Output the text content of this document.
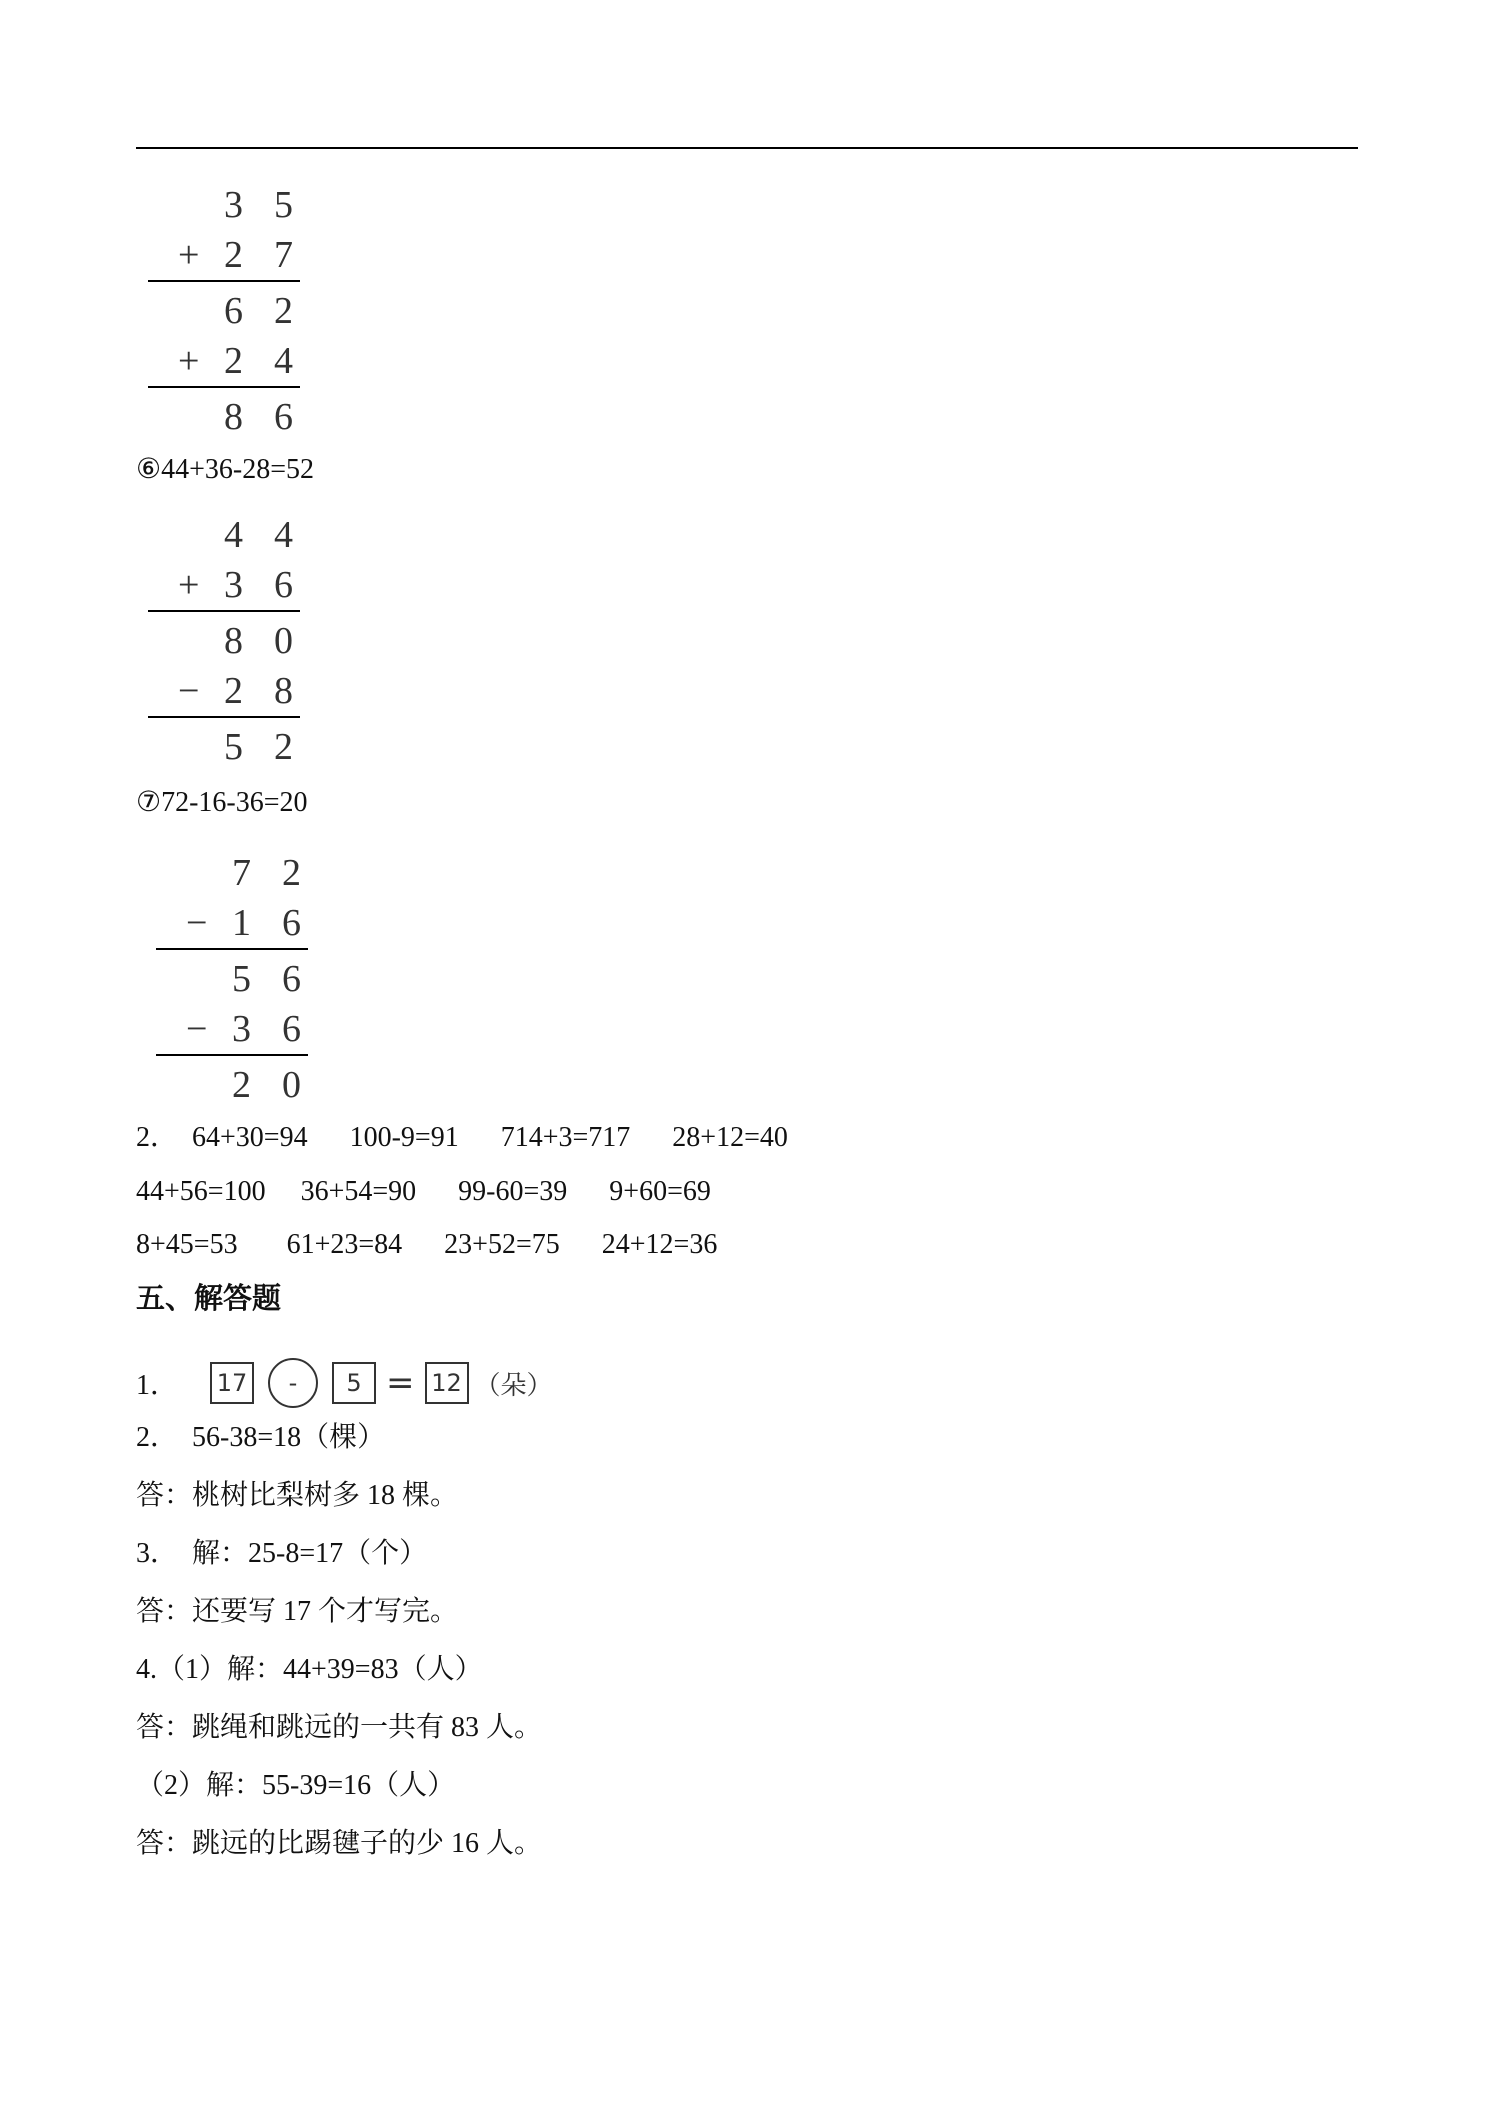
3 5
+ 2 7
6 2
+ 2 4
8 6
⑥44+36-28=52
4 4
+ 3 6
8 0
− 2 8
5 2
⑦72-16-36=20
7 2
− 1 6
5 6
− 3 6
2 0
2．  64+30=94      100-9=91      714+3=717      28+12=40
44+56=100     36+54=90      99-60=39      9+60=69
8+45=53       61+23=84      23+52=75      24+12=36
五、解答题
1．	17	-	5 = 12 （朵）
2．  56-38=18（棵）
答：桃树比梨树多 18 棵。
3．  解：25-8=17（个）
答：还要写 17 个才写完。
4.（1）解：44+39=83（人）
答：跳绳和跳远的一共有 83 人。
（2）解：55-39=16（人）
答：跳远的比踢毽子的少 16 人。
